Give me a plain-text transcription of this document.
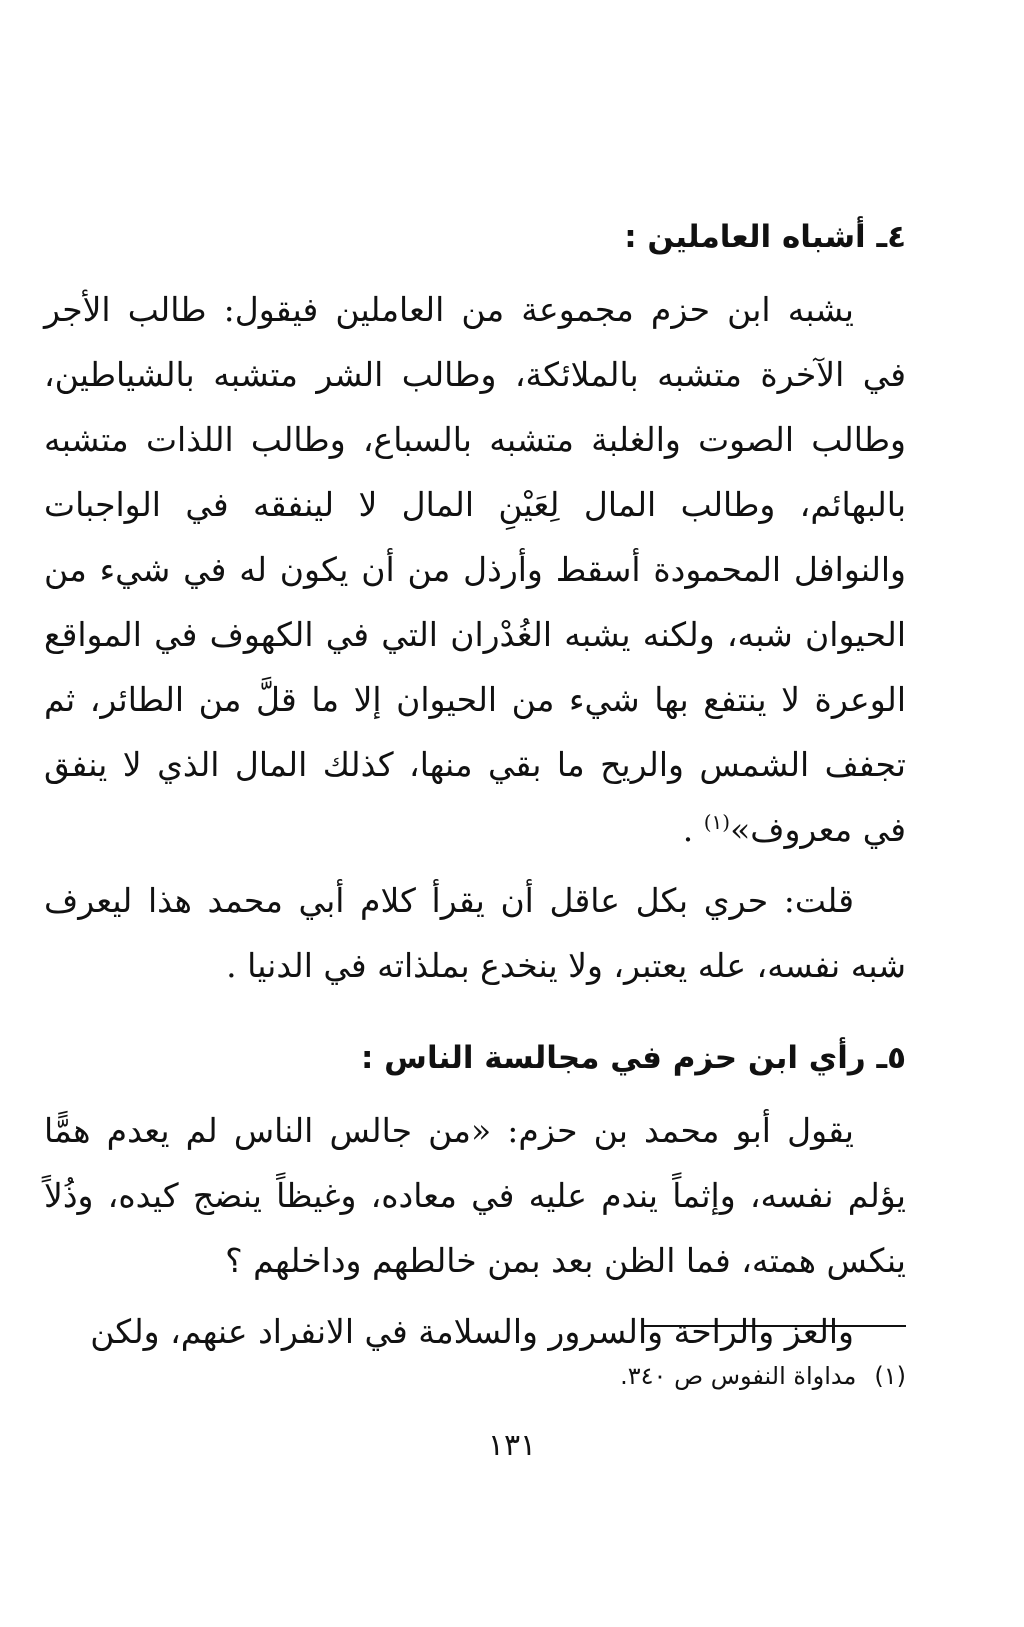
٤ـ أشباه العاملين :

يشبه ابن حزم مجموعة من العاملين فيقول: طالب الأجر في الآخرة متشبه بالملائكة، وطالب الشر متشبه بالشياطين، وطالب الصوت والغلبة متشبه بالسباع، وطالب اللذات متشبه بالبهائم، وطالب المال لِعَيْنِ المال لا لينفقه في الواجبات والنوافل المحمودة أسقط وأرذل من أن يكون له في شيء من الحيوان شبه، ولكنه يشبه الغُدْران التي في الكهوف في المواقع الوعرة لا ينتفع بها شيء من الحيوان إلا ما قلَّ من الطائر، ثم تجفف الشمس والريح ما بقي منها، كذلك المال الذي لا ينفق في معروف»$^{(١)}$ .

قلت: حري بكل عاقل أن يقرأ كلام أبي محمد هذا ليعرف شبه نفسه، عله يعتبر، ولا ينخدع بملذاته في الدنيا .

٥ـ رأي ابن حزم في مجالسة الناس :

يقول أبو محمد بن حزم: «من جالس الناس لم يعدم همًّا يؤلم نفسه، وإثماً يندم عليه في معاده، وغيظاً ينضج كيده، وذُلاً ينكس همته، فما الظن بعد بمن خالطهم وداخلهم ؟

والعز والراحة والسرور والسلامة في الانفراد عنهم، ولكن

(١)مداواة النفوس ص ٣٤٠.
١٣١
